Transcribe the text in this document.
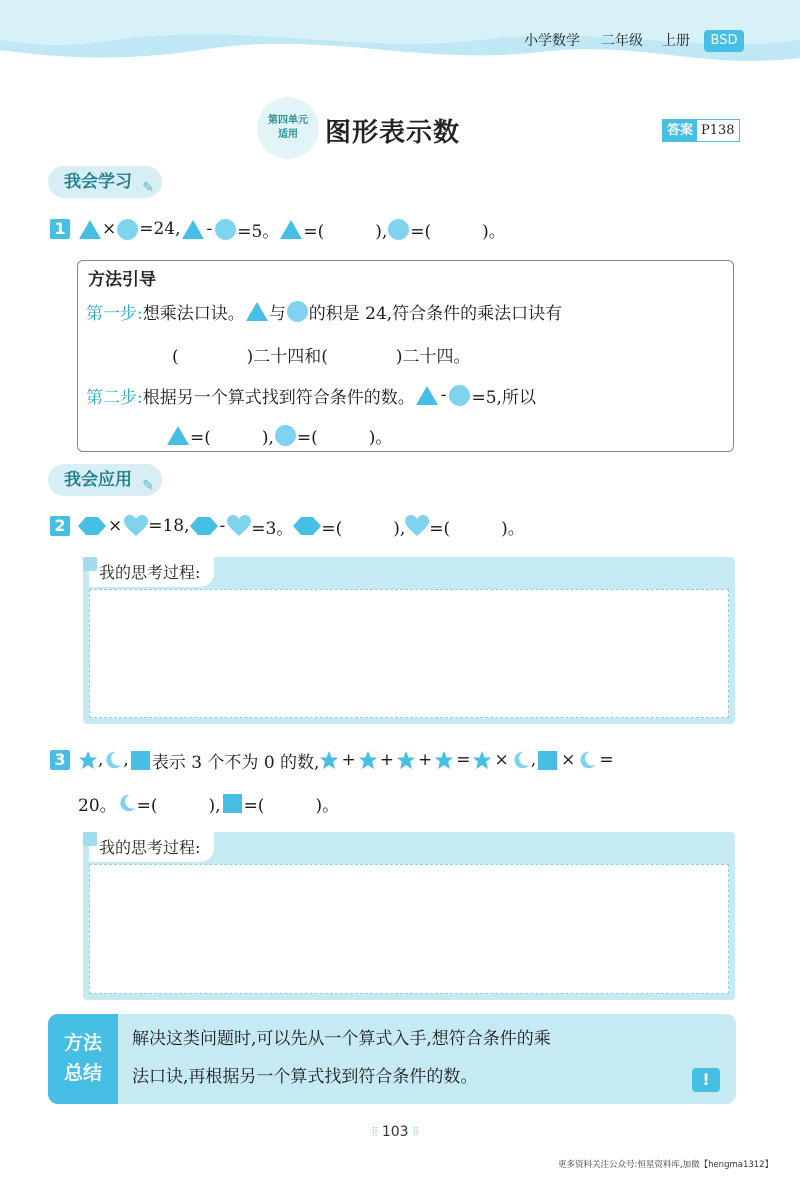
小学数学 二年级 上册	BSD
第四单元
适用	图形表示数	答案 P138
我会学习 ✎
1 × =24, - =5。 =(　　　), =(　　　)。
方法引导
第一步: 想乘法口诀。 与 的积是 24,符合条件的乘法口诀有
(　　　　)二十四和(　　　　)二十四。
第二步: 根据另一个算式找到符合条件的数。 - =5,所以
=(　　　), =(　　　)。
我会应用 ✎
2 × =18, - =3。 =(　　　), =(　　　)。
我的思考过程:
3 , , 表示 3 个不为 0 的数, + + + = × , × =
20。 =(　　　), =(　　　)。
我的思考过程:
方法
总结
解决这类问题时,可以先从一个算式入手,想符合条件的乘
法口诀,再根据另一个算式找到符合条件的数。	!
⦙⦙ 103 ⦙⦙
更多资料关注公众号:恒星资料库,加微【hengma1312】
